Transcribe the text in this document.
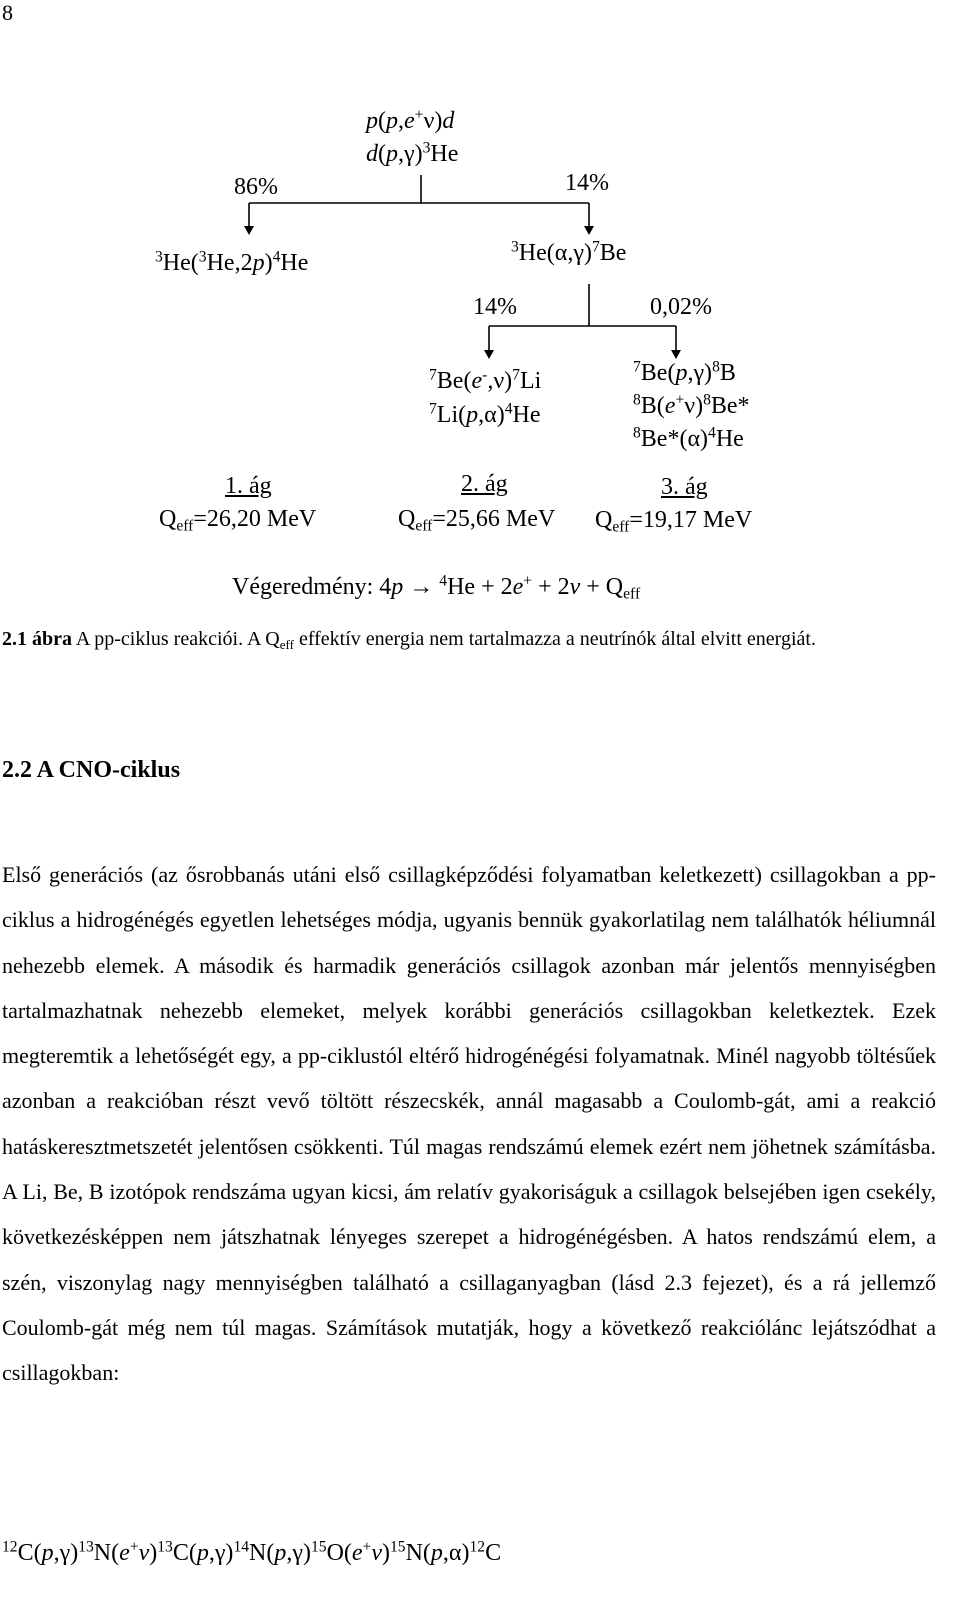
8
p(p,e+ν)d
$d(p,\gamma)^3He$
86%	14%
$^3He(^3He,2p)^4He$
$^3He(\alpha,\gamma)^7Be$
14%	0,02%
$^7Be(e^-,\nu)^7Li$
$^7Li(p,\alpha)^4He$
$^7Be(p,\gamma)^8B$
$^8B(e^+\nu)^8Be*$
$^8Be*(\alpha)^4He$
1. ág	2. ág	3. ág
$Q_{eff}=26,20$ MeV	$Q_{eff}=25,66$ MeV $Q_{eff}=19,17$ MeV
Végeredmény: $4p \to ^4He + 2e^+ + 2\nu + Q_{eff}$
2.1 ábra A pp-ciklus reakciói. A $Q_{eff}$ effektív energia nem tartalmazza a neutrínók által elvitt energiát.
2.2 A CNO-ciklus
Első generációs (az ősrobbanás utáni első csillagképződési folyamatban keletkezett) csillagokban a pp-ciklus a hidrogénégés egyetlen lehetséges módja, ugyanis bennük gyakorlatilag nem találhatók héliumnál nehezebb elemek. A második és harmadik generációs csillagok azonban már jelentős mennyiségben tartalmazhatnak nehezebb elemeket, melyek korábbi generációs csillagokban keletkeztek. Ezek megteremtik a lehetőségét egy, a pp-ciklustól eltérő hidrogénégési folyamatnak. Minél nagyobb töltésűek azonban a reakcióban részt vevő töltött részecskék, annál magasabb a Coulomb-gát, ami a reakció hatáskeresztmetszetét jelentősen csökkenti. Túl magas rendszámú elemek ezért nem jöhetnek számításba. A Li, Be, B izotópok rendszáma ugyan kicsi, ám relatív gyakoriságuk a csillagok belsejében igen csekély, következésképpen nem játszhatnak lényeges szerepet a hidrogénégésben. A hatos rendszámú elem, a szén, viszonylag nagy mennyiségben található a csillaganyagban (lásd 2.3 fejezet), és a rá jellemző Coulomb-gát még nem túl magas. Számítások mutatják, hogy a következő reakciólánc lejátszódhat a csillagokban:
$^{12}C(p,\gamma)^{13}N(e^+\nu)^{13}C(p,\gamma)^{14}N(p,\gamma)^{15}O(e^+\nu)^{15}N(p,\alpha)^{12}C$
